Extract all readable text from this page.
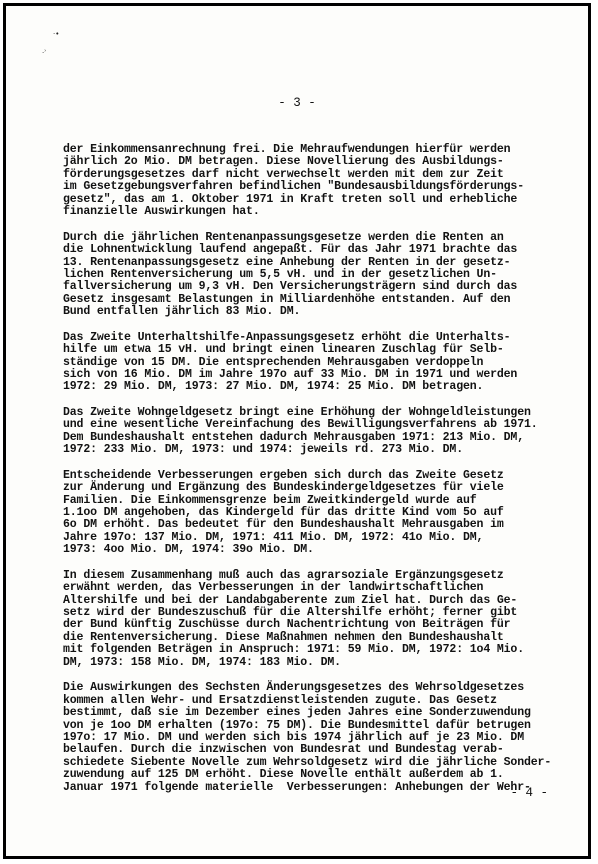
·•
·ʾ
- 3 -
der Einkommensanrechnung frei. Die Mehraufwendungen hierfür werden
jährlich 2o Mio. DM betragen. Diese Novellierung des Ausbildungs-
förderungsgesetzes darf nicht verwechselt werden mit dem zur Zeit
im Gesetzgebungsverfahren befindlichen "Bundesausbildungsförderungs-
gesetz", das am 1. Oktober 1971 in Kraft treten soll und erhebliche
finanzielle Auswirkungen hat.
Durch die jährlichen Rentenanpassungsgesetze werden die Renten an
die Lohnentwicklung laufend angepaßt. Für das Jahr 1971 brachte das
13. Rentenanpassungsgesetz eine Anhebung der Renten in der gesetz-
lichen Rentenversicherung um 5,5 vH. und in der gesetzlichen Un-
fallversicherung um 9,3 vH. Den Versicherungsträgern sind durch das
Gesetz insgesamt Belastungen in Milliardenhöhe entstanden. Auf den
Bund entfallen jährlich 83 Mio. DM.
Das Zweite Unterhaltshilfe-Anpassungsgesetz erhöht die Unterhalts-
hilfe um etwa 15 vH. und bringt einen linearen Zuschlag für Selb-
ständige von 15 DM. Die entsprechenden Mehrausgaben verdoppeln
sich von 16 Mio. DM im Jahre 197o auf 33 Mio. DM in 1971 und werden
1972: 29 Mio. DM, 1973: 27 Mio. DM, 1974: 25 Mio. DM betragen.
Das Zweite Wohngeldgesetz bringt eine Erhöhung der Wohngeldleistungen
und eine wesentliche Vereinfachung des Bewilligungsverfahrens ab 1971.
Dem Bundeshaushalt entstehen dadurch Mehrausgaben 1971: 213 Mio. DM,
1972: 233 Mio. DM, 1973: und 1974: jeweils rd. 273 Mio. DM.
Entscheidende Verbesserungen ergeben sich durch das Zweite Gesetz
zur Änderung und Ergänzung des Bundeskindergeldgesetzes für viele
Familien. Die Einkommensgrenze beim Zweitkindergeld wurde auf
1.1oo DM angehoben, das Kindergeld für das dritte Kind vom 5o auf
6o DM erhöht. Das bedeutet für den Bundeshaushalt Mehrausgaben im
Jahre 197o: 137 Mio. DM, 1971: 411 Mio. DM, 1972: 41o Mio. DM,
1973: 4oo Mio. DM, 1974: 39o Mio. DM.
In diesem Zusammenhang muß auch das agrarsoziale Ergänzungsgesetz
erwähnt werden, das Verbesserungen in der landwirtschaftlichen
Altershilfe und bei der Landabgaberente zum Ziel hat. Durch das Ge-
setz wird der Bundeszuschuß für die Altershilfe erhöht; ferner gibt
der Bund künftig Zuschüsse durch Nachentrichtung von Beiträgen für
die Rentenversicherung. Diese Maßnahmen nehmen den Bundeshaushalt
mit folgenden Beträgen in Anspruch: 1971: 59 Mio. DM, 1972: 1o4 Mio.
DM, 1973: 158 Mio. DM, 1974: 183 Mio. DM.
Die Auswirkungen des Sechsten Änderungsgesetzes des Wehrsoldgesetzes
kommen allen Wehr- und Ersatzdienstleistenden zugute. Das Gesetz
bestimmt, daß sie im Dezember eines jeden Jahres eine Sonderzuwendung
von je 1oo DM erhalten (197o: 75 DM). Die Bundesmittel dafür betrugen
197o: 17 Mio. DM und werden sich bis 1974 jährlich auf je 23 Mio. DM
belaufen. Durch die inzwischen von Bundesrat und Bundestag verab-
schiedete Siebente Novelle zum Wehrsoldgesetz wird die jährliche Sonder-
zuwendung auf 125 DM erhöht. Diese Novelle enthält außerdem ab 1.
Januar 1971 folgende materielle  Verbesserungen: Anhebungen der Wehr-
- 4 -
